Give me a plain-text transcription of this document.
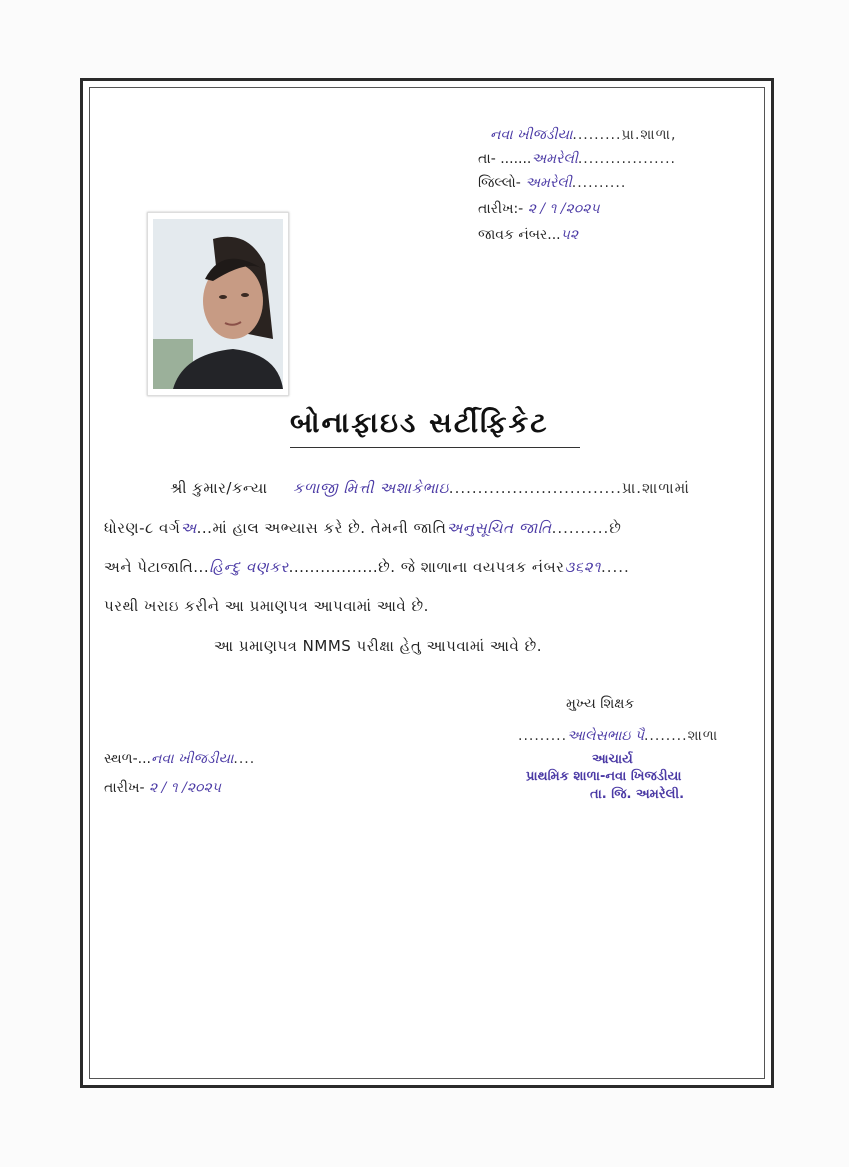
નવા ખીજડીયા.........પ્રા.શાળા,
તા- .......અમરેલી..................
જિલ્લો- અમરેલી..........
તારીખ:- ૨ / ૧ /૨૦૨૫
જાવક નંબર...૫૨
બોનાફાઇડ સર્ટીફિકેટ
શ્રી કુમાર/કન્યા કળાજી મિત્તી અશાકેભાઇ..............................પ્રા.શાળામાં
ધોરણ-૮ વર્ગઅ...માં હાલ અભ્યાસ કરે છે. તેમની જાતિઅનુસૂચિત જાતિ..........છે
અને પેટાજાતિ...હિન્દુ વણકર.................છે. જે શાળાના વયપત્રક નંબર૩૬૨૧.....
પરથી ખરાઇ કરીને આ પ્રમાણપત્ર આપવામાં આવે છે.
આ પ્રમાણપત્ર NMMS પરીક્ષા હેતુ આપવામાં આવે છે.
મુખ્ય શિક્ષક
.........આલેસભાઇ પૈ........શાળા
આચાર્ય
પ્રાથમિક શાળા-નવા ખિજડીયા
તા. જિ. અમરેલી.
સ્થળ-...નવા ખીજડીયા....
તારીખ- ૨ / ૧ /૨૦૨૫
